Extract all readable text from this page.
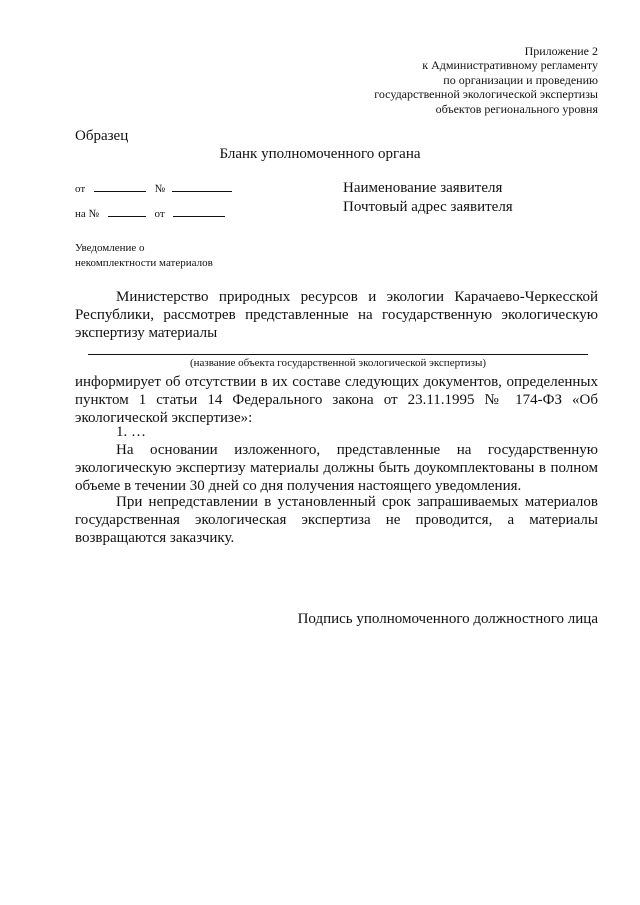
Приложение 2
к Административному регламенту
по организации и проведению
государственной экологической экспертизы
объектов регионального уровня
Образец
Бланк уполномоченного органа
от	№
на №	от
Наименование заявителя
Почтовый адрес заявителя
Уведомление о
некомплектности материалов
Министерство природных ресурсов и экологии Карачаево-Черкесской Республики, рассмотрев представленные на государственную экологическую экспертизу материалы
(название объекта государственной экологической экспертизы)
информирует об отсутствии в их составе следующих документов, определенных пунктом 1 статьи 14 Федерального закона от 23.11.1995 № 174-ФЗ «Об экологической экспертизе»:
1. …
На основании изложенного, представленные на государственную экологическую экспертизу материалы должны быть доукомплектованы в полном объеме в течении 30 дней со дня получения настоящего уведомления.
При непредставлении в установленный срок запрашиваемых материалов государственная экологическая экспертиза не проводится, а материалы возвращаются заказчику.
Подпись уполномоченного должностного лица
